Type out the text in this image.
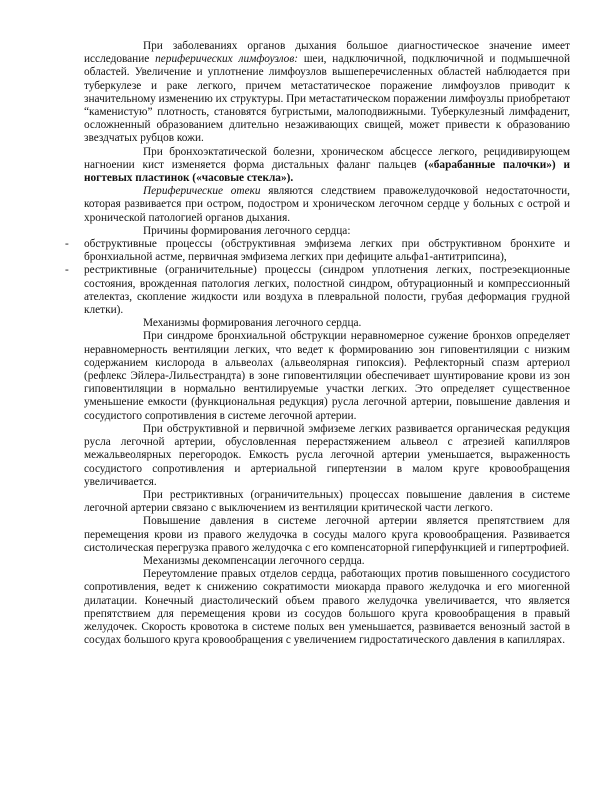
При заболеваниях органов дыхания большое диагностическое значение имеет исследование периферических лимфоузлов: шеи, надключичной, подключичной и подмышечной областей. Увеличение и уплотнение лимфоузлов вышеперечисленных областей наблюдается при туберкулезе и раке легкого, причем метастатическое поражение лимфоузлов приводит к значительному изменению их структуры. При метастатическом поражении лимфоузлы приобретают “каменистую” плотность, становятся бугристыми, малоподвижными. Туберкулезный лимфаденит, осложненный образованием длительно незаживающих свищей, может привести к образованию звездчатых рубцов кожи.

При бронхоэктатической болезни, хроническом абсцессе легкого, рецидивирующем нагноении кист изменяется форма дистальных фаланг пальцев («барабанные палочки») и ногтевых пластинок («часовые стекла»).

Периферические отеки являются следствием правожелудочковой недостаточности, которая развивается при остром, подостром и хроническом легочном сердце у больных с острой и хронической патологией органов дыхания.

Причины формирования легочного сердца:

- обструктивные процессы (обструктивная эмфизема легких при обструктивном бронхите и бронхиальной астме, первичная эмфизема легких при дефиците альфа1-антитрипсина),
- рестриктивные (ограничительные) процессы (синдром уплотнения легких, постреэекционные состояния, врожденная патология легких, полостной синдром, обтурационный и компрессионный ателектаз, скопление жидкости или воздуха в плевральной полости, грубая деформация грудной клетки).

Механизмы формирования легочного сердца.

При синдроме бронхиальной обструкции неравномерное сужение бронхов определяет неравномерность вентиляции легких, что ведет к формированию зон гиповентиляции с низким содержанием кислорода в альвеолах (альвеолярная гипоксия). Рефлекторный спазм артериол (рефлекс Эйлера-Лильестрандта) в зоне гиповентиляции обеспечивает шунтирование крови из зон гиповентиляции в нормально вентилируемые участки легких. Это определяет существенное уменьшение емкости (функциональная редукция) русла легочной артерии, повышение давления и сосудистого сопротивления в системе легочной артерии.

При обструктивной и первичной эмфиземе легких развивается органическая редукция русла легочной артерии, обусловленная перерастяжением альвеол с атрезией капилляров межальвеолярных перегородок. Емкость русла легочной артерии уменьшается, выраженность сосудистого сопротивления и артериальной гипертензии в малом круге кровообращения увеличивается.

При рестриктивных (ограничительных) процессах повышение давления в системе легочной артерии связано с выключением из вентиляции критической части легкого.

Повышение давления в системе легочной артерии является препятствием для перемещения крови из правого желудочка в сосуды малого круга кровообращения. Развивается систолическая перегрузка правого желудочка с его компенсаторной гиперфункцией и гипертрофией.

Механизмы декомпенсации легочного сердца.

Переутомление правых отделов сердца, работающих против повышенного сосудистого сопротивления, ведет к снижению сократимости миокарда правого желудочка и его миогенной дилатации. Конечный диастолический объем правого желудочка увеличивается, что является препятствием для перемещения крови из сосудов большого круга кровообращения в правый желудочек. Скорость кровотока в системе полых вен уменьшается, развивается венозный застой в сосудах большого круга кровообращения с увеличением гидростатического давления в капиллярах.
